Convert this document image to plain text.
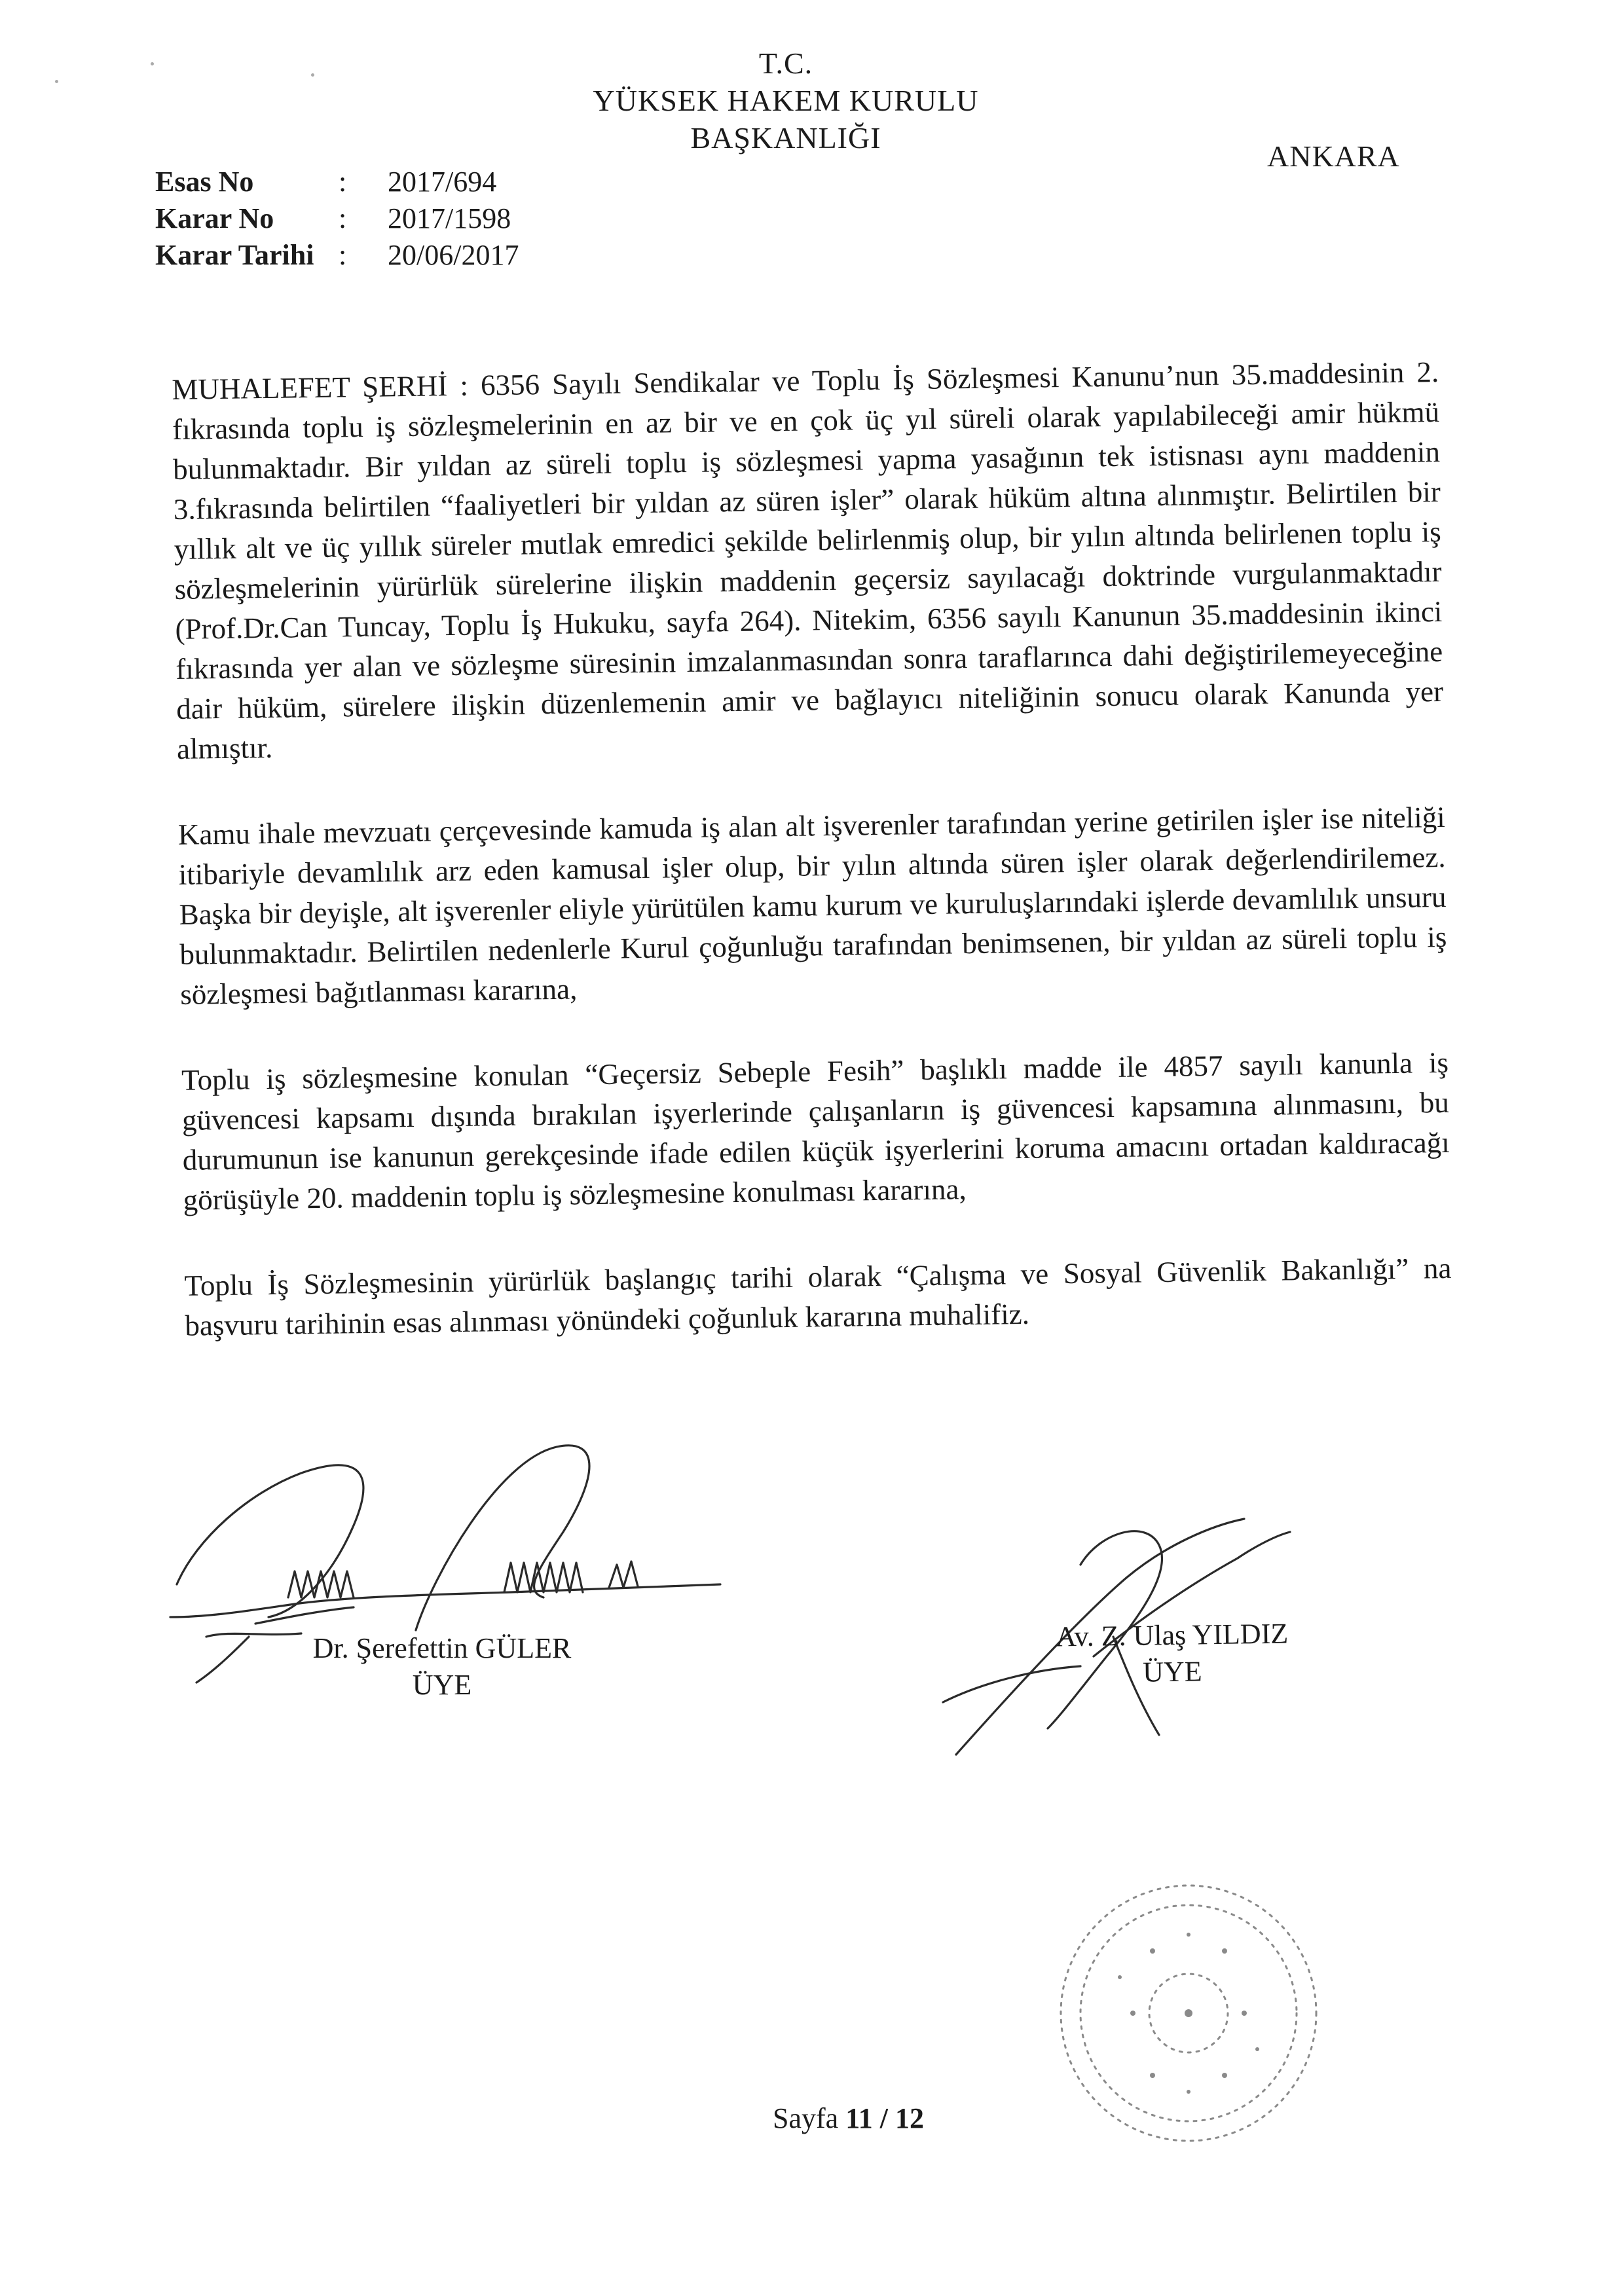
T.C.
YÜKSEK HAKEM KURULU
BAŞKANLIĞI
ANKARA
Esas No	: 2017/694
Karar No : 2017/1598
Karar Tarihi : 20/06/2017

MUHALEFET ŞERHİ : 6356 Sayılı Sendikalar ve Toplu İş Sözleşmesi Kanunu’nun 35.maddesinin 2. fıkrasında toplu iş sözleşmelerinin en az bir ve en çok üç yıl süreli olarak yapılabileceği amir hükmü bulunmaktadır. Bir yıldan az süreli toplu iş sözleşmesi yapma yasağının tek istisnası aynı maddenin 3.fıkrasında belirtilen “faaliyetleri bir yıldan az süren işler” olarak hüküm altına alınmıştır. Belirtilen bir yıllık alt ve üç yıllık süreler mutlak emredici şekilde belirlenmiş olup, bir yılın altında belirlenen toplu iş sözleşmelerinin yürürlük sürelerine ilişkin maddenin geçersiz sayılacağı doktrinde vurgulanmaktadır (Prof.Dr.Can Tuncay, Toplu İş Hukuku, sayfa 264). Nitekim, 6356 sayılı Kanunun 35.maddesinin ikinci fıkrasında yer alan ve sözleşme süresinin imzalanmasından sonra taraflarınca dahi değiştirilemeyeceğine dair hüküm, sürelere ilişkin düzenlemenin amir ve bağlayıcı niteliğinin sonucu olarak Kanunda yer almıştır.

Kamu ihale mevzuatı çerçevesinde kamuda iş alan alt işverenler tarafından yerine getirilen işler ise niteliği itibariyle devamlılık arz eden kamusal işler olup, bir yılın altında süren işler olarak değerlendirilemez. Başka bir deyişle, alt işverenler eliyle yürütülen kamu kurum ve kuruluşlarındaki işlerde devamlılık unsuru bulunmaktadır. Belirtilen nedenlerle Kurul çoğunluğu tarafından benimsenen, bir yıldan az süreli toplu iş sözleşmesi bağıtlanması kararına,

Toplu iş sözleşmesine konulan “Geçersiz Sebeple Fesih” başlıklı madde ile 4857 sayılı kanunla iş güvencesi kapsamı dışında bırakılan işyerlerinde çalışanların iş güvencesi kapsamına alınmasını, bu durumunun ise kanunun gerekçesinde ifade edilen küçük işyerlerini koruma amacını ortadan kaldıracağı görüşüyle 20. maddenin toplu iş sözleşmesine konulması kararına,

Toplu İş Sözleşmesinin yürürlük başlangıç tarihi olarak “Çalışma ve Sosyal Güvenlik Bakanlığı” na başvuru tarihinin esas alınması yönündeki çoğunluk kararına muhalifiz.

Dr. Şerefettin GÜLER
ÜYE
Av. Z. Ulaş YILDIZ
ÜYE
Sayfa 11 / 12
